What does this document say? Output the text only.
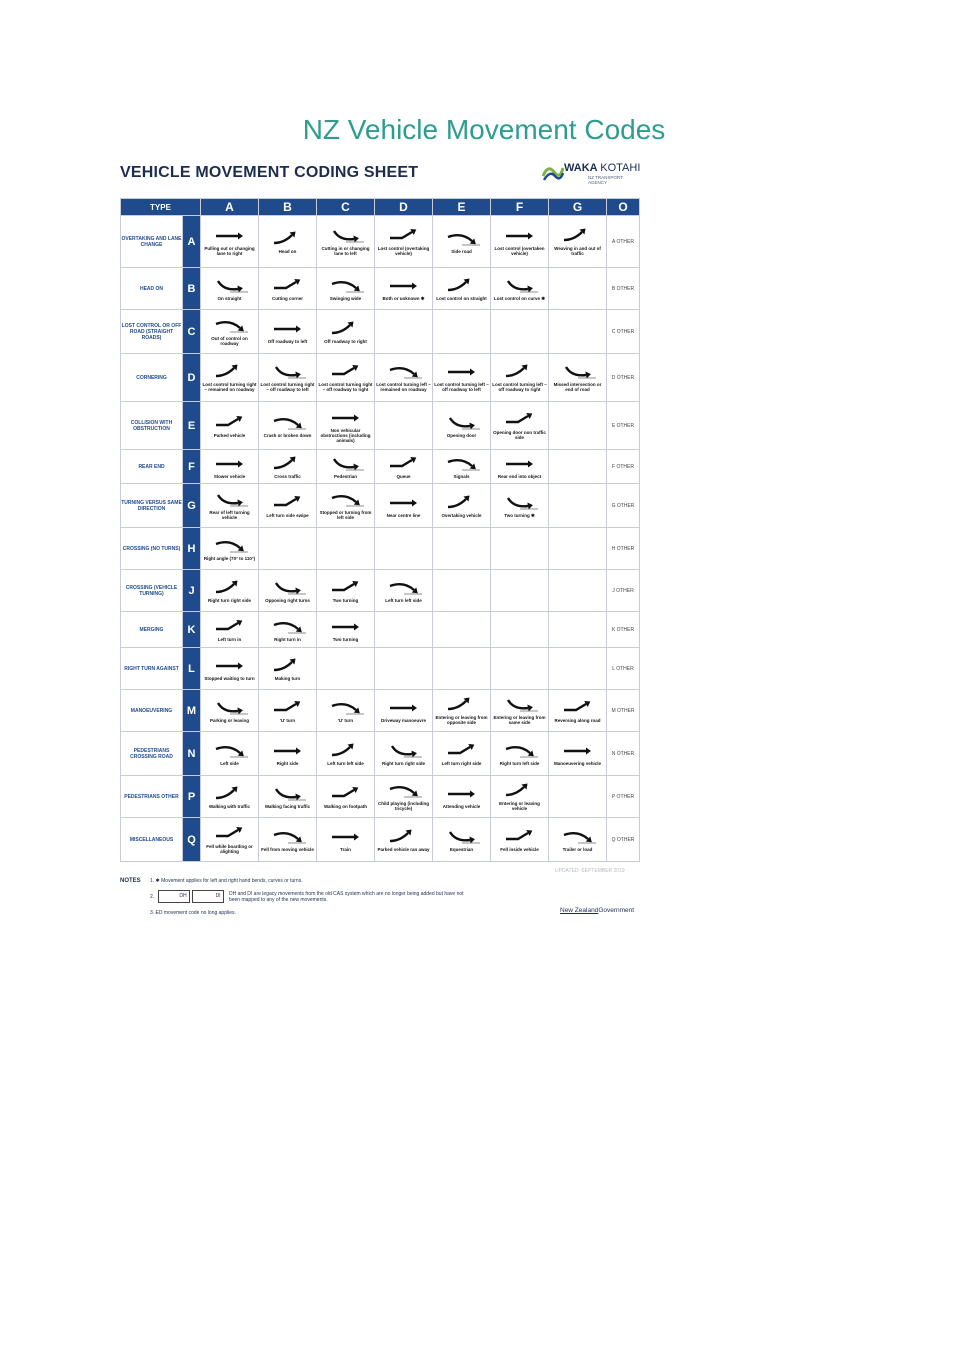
NZ Vehicle Movement Codes
VEHICLE MOVEMENT CODING SHEET	WAKA KOTAHI
NZ TRANSPORT AGENCY
TYPE		A	B	C	D	E	F	G	O
OVERTAKING AND LANE CHANGE	A	Pulling out or changing lane to right	Head on	Cutting in or changing lane to left	Lost control (overtaking vehicle)	Side road	Lost control (overtaken vehicle)	Weaving in and out of traffic	A OTHER
HEAD ON	B	On straight	Cutting corner	Swinging wide	Both or unknown ✱	Lost control on straight	Lost control on curve ✱		B OTHER
LOST CONTROL OR OFF ROAD (STRAIGHT ROADS)	C	Out of control on roadway	Off roadway to left	Off roadway to right					C OTHER
CORNERING	D	Lost control turning right – remained on roadway	Lost control turning right – off roadway to left	Lost control turning right – off roadway to right	Lost control turning left – remained on roadway	Lost control turning left – off roadway to left	Lost control turning left – off roadway to right	Missed intersection or end of road	D OTHER
COLLISION WITH OBSTRUCTION	E	Parked vehicle	Crash or broken down	Non vehicular obstructions (including animals)		Opening door	Opening door non traffic side		E OTHER
REAR END	F	Slower vehicle	Cross traffic	Pedestrian	Queue	Signals	Rear end into object		F OTHER
TURNING VERSUS SAME DIRECTION	G	Rear of left turning vehicle	Left turn side swipe	Stopped or turning from left side	Near centre line	Overtaking vehicle	Two turning ✱		G OTHER
CROSSING (NO TURNS)	H	Right angle (70° to 110°)							H OTHER
CROSSING (VEHICLE TURNING)	J	Right turn right side	Opposing right turns	Two turning	Left turn left side				J OTHER
MERGING	K	Left turn in	Right turn in	Two turning					K OTHER
RIGHT TURN AGAINST	L	Stopped waiting to turn	Making turn						L OTHER
MANOEUVERING	M	Parking or leaving	'U' turn	'U' turn	Driveway manoeuvre	Entering or leaving from opposite side	Entering or leaving from same side	Reversing along road	M OTHER
PEDESTRIANS CROSSING ROAD	N	Left side	Right side	Left turn left side	Right turn right side	Left turn right side	Right turn left side	Manoeuvering vehicle	N OTHER
PEDESTRIANS OTHER	P	Walking with traffic	Walking facing traffic	Walking on footpath	Child playing (including tricycle)	Attending vehicle	Entering or leaving vehicle		P OTHER
MISCELLANEOUS	Q	Fell while boarding or alighting	Fell from moving vehicle	Train	Parked vehicle ran away	Equestrian	Fell inside vehicle	Trailer or load	Q OTHER
UPDATED: SEPTEMBER 2019
NOTES 1. ✱ Movement applies for left and right hand bends, curves or turns.
2.	DH	DI DH and DI are legacy movements from the old CAS system which are no longer being added but have not been mapped to any of the new movements.
3. ED movement code no long applies.	New ZealandGovernment
